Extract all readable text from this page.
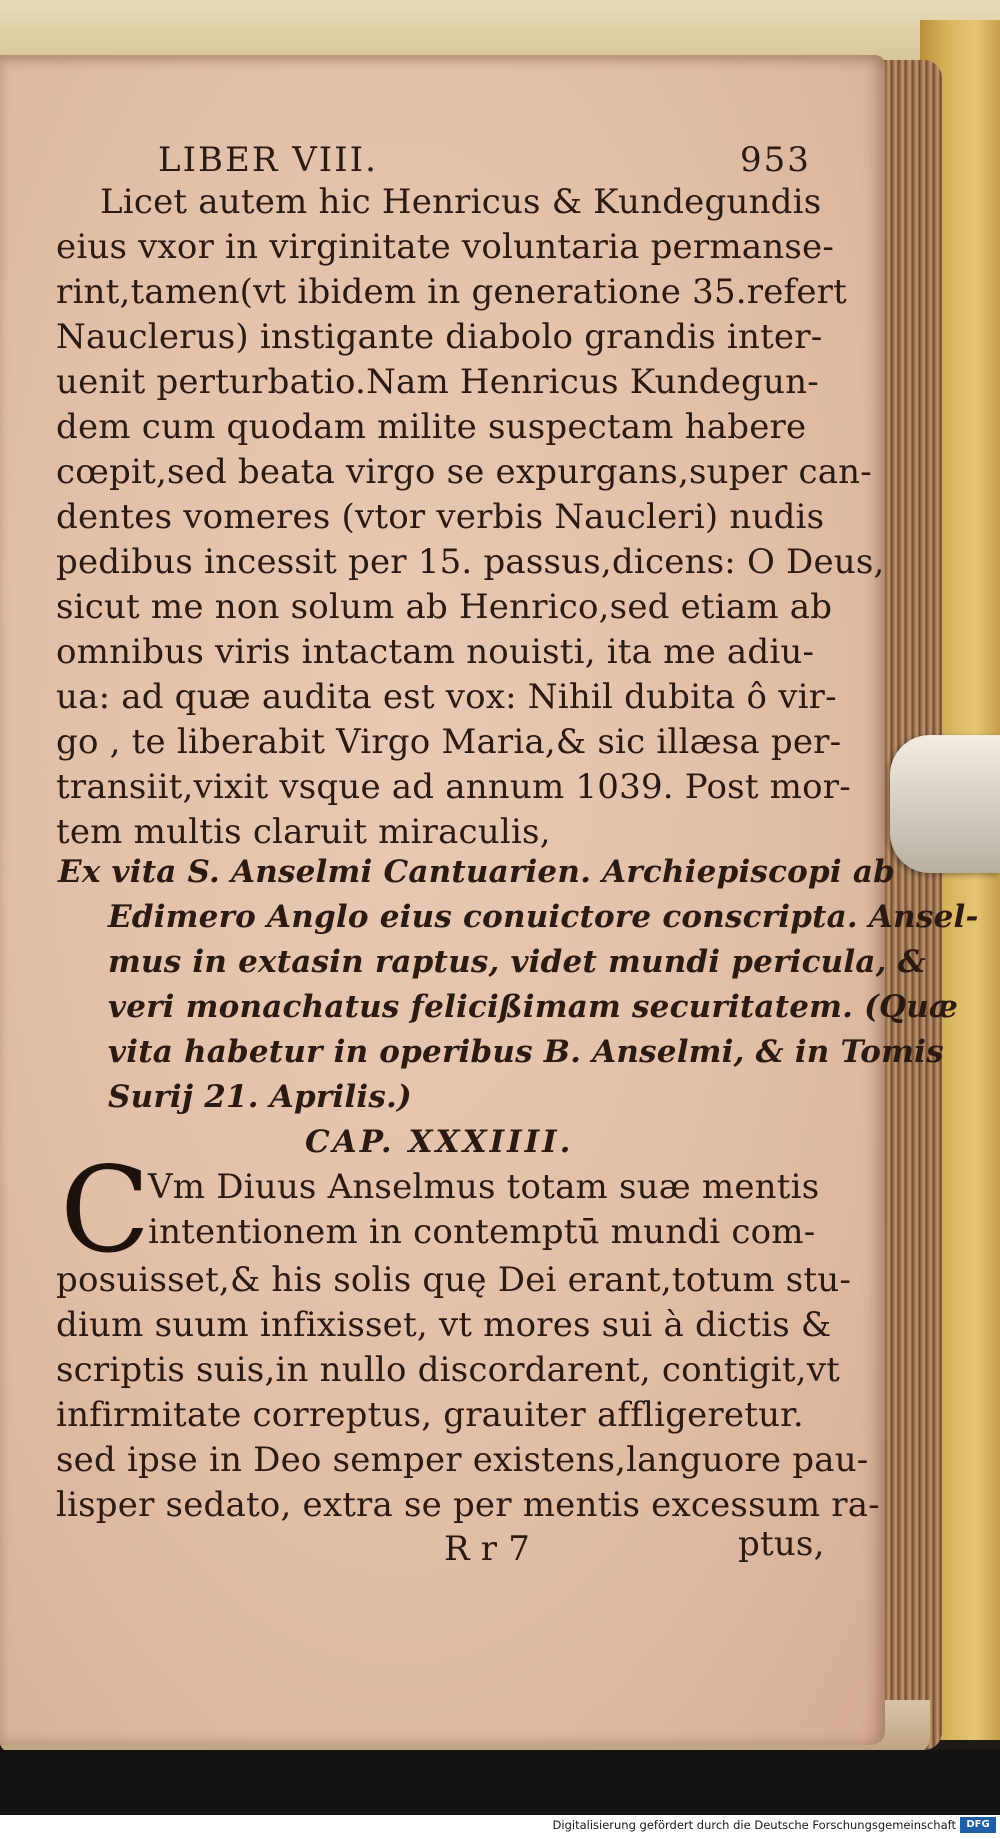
LIBER VIII.	953
Licet autem hic Henricus & Kundegundis
eius vxor in virginitate voluntaria permanse-
rint,tamen(vt ibidem in generatione 35.refert
Nauclerus) instigante diabolo grandis inter-
uenit perturbatio.Nam Henricus Kundegun-
dem cum quodam milite suspectam habere
cœpit,sed beata virgo se expurgans,super can-
dentes vomeres (vtor verbis Naucleri) nudis
pedibus incessit per 15. passus,dicens: O Deus,
sicut me non solum ab Henrico,sed etiam ab
omnibus viris intactam nouisti, ita me adiu-
ua: ad quæ audita est vox: Nihil dubita ô vir-
go , te liberabit Virgo Maria,& sic illæsa per-
transiit,vixit vsque ad annum 1039. Post mor-
tem multis claruit miraculis,
Ex vita S. Anselmi Cantuarien. Archiepiscopi ab
Edimero Anglo eius conuictore conscripta. Ansel-
mus in extasin raptus, videt mundi pericula, &
veri monachatus felicißimam securitatem. (Quæ
vita habetur in operibus B. Anselmi, & in Tomis
Surij 21. Aprilis.)
CAP. XXXIIII.
C
Vm Diuus Anselmus totam suæ mentis
intentionem in contemptū mundi com-
posuisset,& his solis quę Dei erant,totum stu-
dium suum infixisset, vt mores sui à dictis &
scriptis suis,in nullo discordarent, contigit,vt
infirmitate correptus, grauiter affligeretur.
sed ipse in Deo semper existens,languore pau-
lisper sedato, extra se per mentis excessum ra-
R r 7	ptus,
Digitalisierung gefördert durch die Deutsche Forschungsgemeinschaft	DFG
